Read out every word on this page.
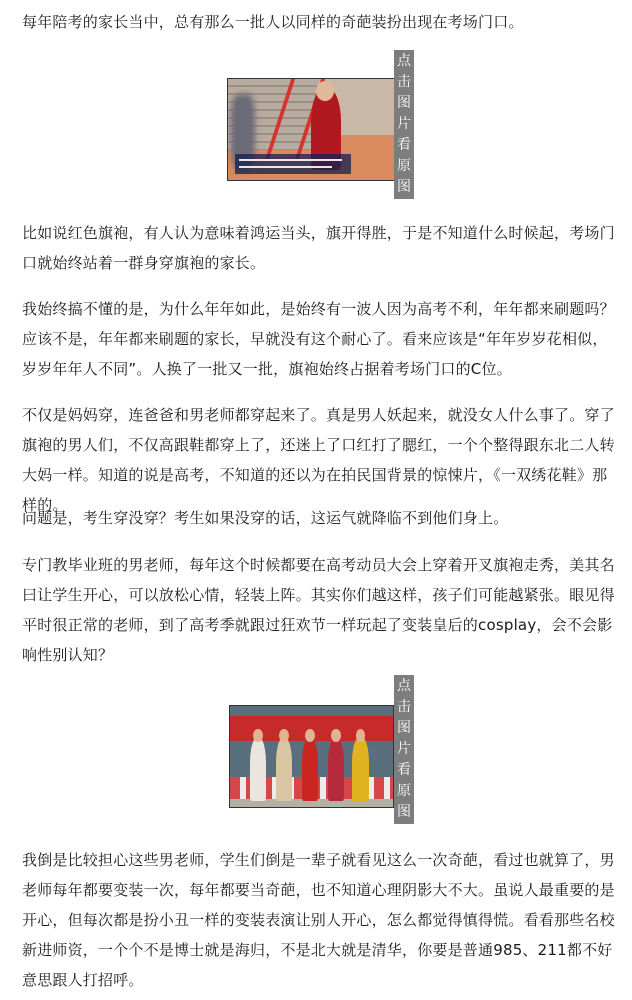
每年陪考的家长当中，总有那么一批人以同样的奇葩装扮出现在考场门口。

点
击
图
片
看
原
图

比如说红色旗袍，有人认为意味着鸿运当头，旗开得胜，于是不知道什么时候起，考场门口就始终站着一群身穿旗袍的家长。

我始终搞不懂的是，为什么年年如此，是始终有一波人因为高考不利，年年都来刷题吗？应该不是，年年都来刷题的家长，早就没有这个耐心了。看来应该是“年年岁岁花相似，岁岁年年人不同”。人换了一批又一批，旗袍始终占据着考场门口的C位。

不仅是妈妈穿，连爸爸和男老师都穿起来了。真是男人妖起来，就没女人什么事了。穿了旗袍的男人们，不仅高跟鞋都穿上了，还迷上了口红打了腮红，一个个整得跟东北二人转大妈一样。知道的说是高考，不知道的还以为在拍民国背景的惊悚片，《一双绣花鞋》那样的。

问题是，考生穿没穿？考生如果没穿的话，这运气就降临不到他们身上。

专门教毕业班的男老师，每年这个时候都要在高考动员大会上穿着开叉旗袍走秀，美其名曰让学生开心，可以放松心情，轻装上阵。其实你们越这样，孩子们可能越紧张。眼见得平时很正常的老师，到了高考季就跟过狂欢节一样玩起了变装皇后的cosplay，会不会影响性别认知？

点
击
图
片
看
原
图

我倒是比较担心这些男老师，学生们倒是一辈子就看见这么一次奇葩，看过也就算了，男老师每年都要变装一次，每年都要当奇葩，也不知道心理阴影大不大。虽说人最重要的是开心，但每次都是扮小丑一样的变装表演让别人开心，怎么都觉得慎得慌。看看那些名校新进师资，一个个不是博士就是海归，不是北大就是清华，你要是普通985、211都不好意思跟人打招呼。
